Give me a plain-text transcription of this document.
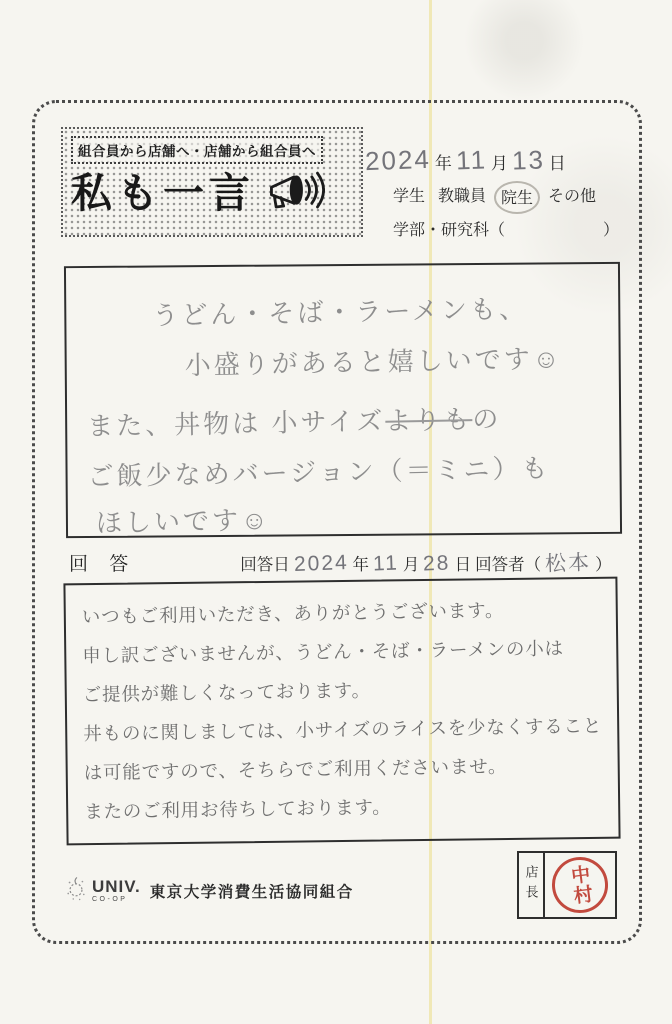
組合員から店舗へ・店舗から組合員へ
私も一言
2024 年 11 月 13 日
学生 教職員 院生 その他
学部・研究科（	）
うどん・そば・ラーメンも、
小盛りがあると嬉しいです☺
また、丼物は 小サイズよりもの
ご飯少なめバージョン（＝ミニ）も
ほしいです☺
回 答	回答日 2024 年 11 月 28 日 回答者（ 松本 ）
いつもご利用いただき、ありがとうございます。
申し訳ございませんが、うどん・そば・ラーメンの小は
ご提供が難しくなっております。
丼ものに関しましては、小サイズのライスを少なくすること
は可能ですので、そちらでご利用くださいませ。
またのご利用お待ちしております。
UNIV.
CO-OP	東京大学消費生活協同組合	店長 中村
